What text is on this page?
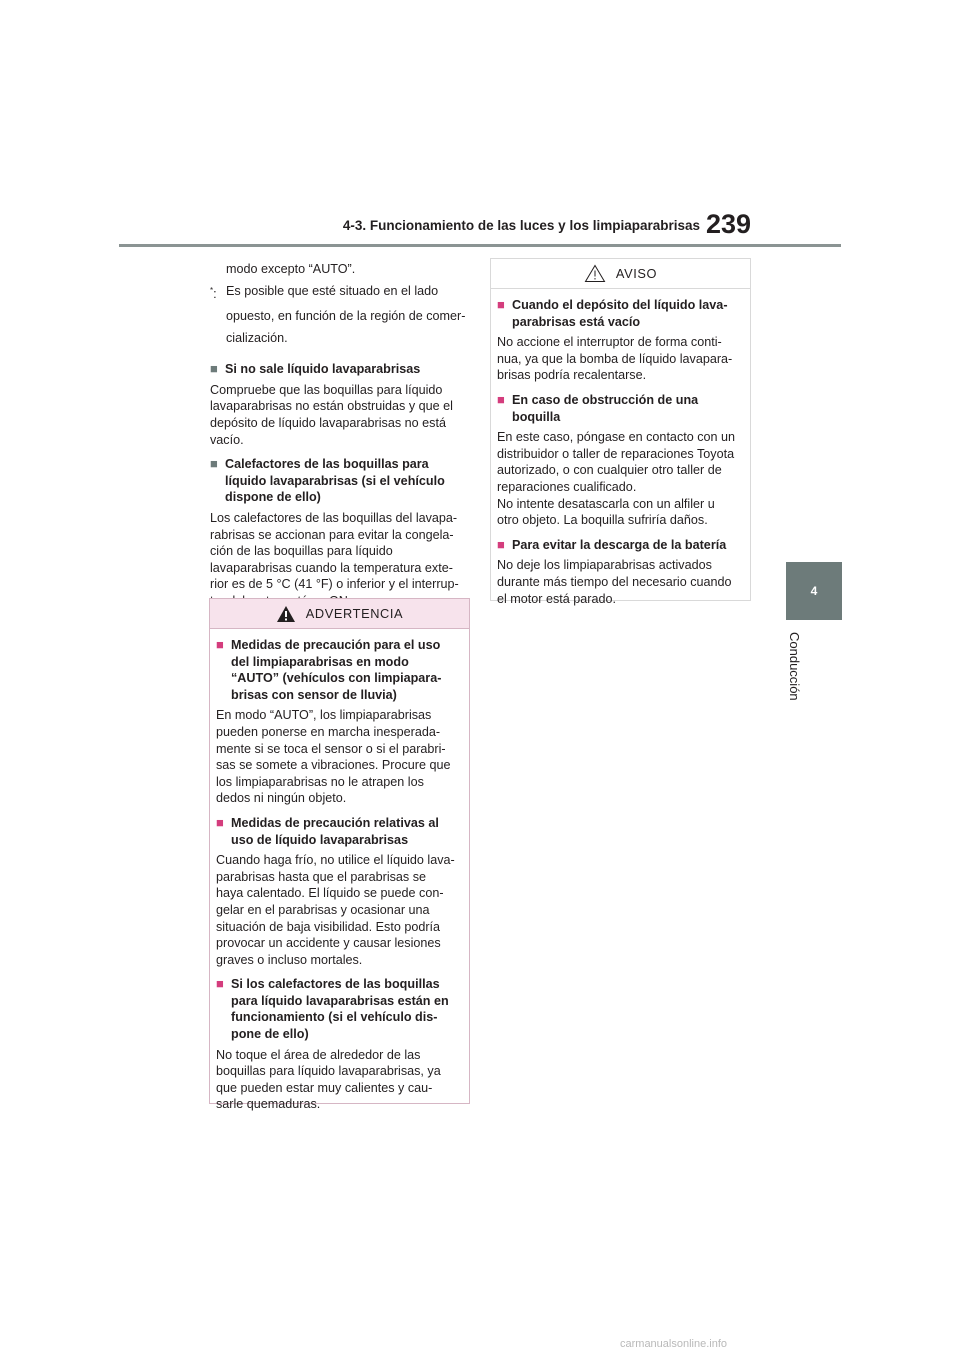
4-3. Funcionamiento de las luces y los limpiaparabrisas 239
4
Conducción

modo excepto “AUTO”.

*: Es posible que esté situado en el lado
opuesto, en función de la región de comer-
cialización.
■ Si no sale líquido lavaparabrisas

Compruebe que las boquillas para líquido
lavaparabrisas no están obstruidas y que el
depósito de líquido lavaparabrisas no está
vacío.

■ Calefactores de las boquillas para
líquido lavaparabrisas (si el vehículo
dispone de ello)

Los calefactores de las boquillas del lavapa-
rabrisas se accionan para evitar la congela-
ción de las boquillas para líquido
lavaparabrisas cuando la temperatura exte-
rior es de 5 °C (41 °F) o inferior y el interrup-

ADVERTENCIA
■ Medidas de precaución para el uso
del limpiaparabrisas en modo
“AUTO” (vehículos con limpiapara-
brisas con sensor de lluvia)

En modo “AUTO”, los limpiaparabrisas
pueden ponerse en marcha inesperada-
mente si se toca el sensor o si el parabri-
sas se somete a vibraciones. Procure que
los limpiaparabrisas no le atrapen los
dedos ni ningún objeto.

■ Medidas de precaución relativas al
uso de líquido lavaparabrisas

Cuando haga frío, no utilice el líquido lava-
parabrisas hasta que el parabrisas se
haya calentado. El líquido se puede con-
gelar en el parabrisas y ocasionar una
situación de baja visibilidad. Esto podría
provocar un accidente y causar lesiones
graves o incluso mortales.

■ Si los calefactores de las boquillas
para líquido lavaparabrisas están en
funcionamiento (si el vehículo dis-
pone de ello)

No toque el área de alrededor de las
boquillas para líquido lavaparabrisas, ya
que pueden estar muy calientes y cau-
sarle quemaduras.

AVISO
■ Cuando el depósito del líquido lava-
parabrisas está vacío

No accione el interruptor de forma conti-
nua, ya que la bomba de líquido lavapara-
brisas podría recalentarse.

■ En caso de obstrucción de una
boquilla

En este caso, póngase en contacto con un
distribuidor o taller de reparaciones Toyota
autorizado, o con cualquier otro taller de
reparaciones cualificado.
No intente desatascarla con un alfiler u
otro objeto. La boquilla sufriría daños.

■ Para evitar la descarga de la batería

No deje los limpiaparabrisas activados
durante más tiempo del necesario cuando
el motor está parado.

carmanualsonline.info
